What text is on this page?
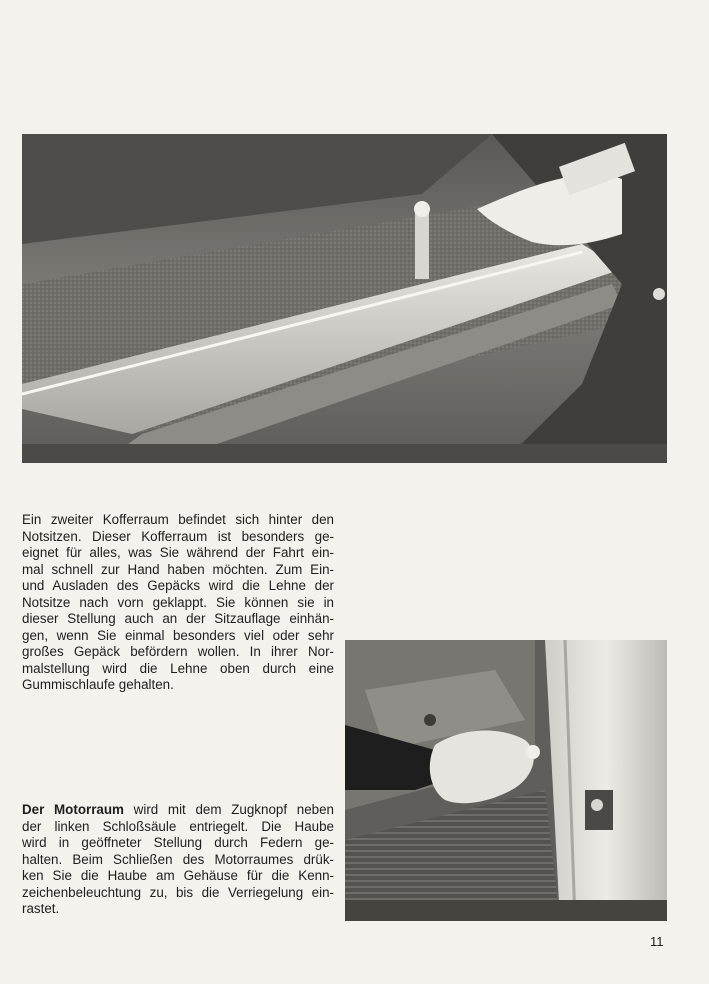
Ein zweiter Kofferraum befindet sich hinter den
Notsitzen. Dieser Kofferraum ist besonders ge-
eignet für alles, was Sie während der Fahrt ein-
mal schnell zur Hand haben möchten. Zum Ein-
und Ausladen des Gepäcks wird die Lehne der
Notsitze nach vorn geklappt. Sie können sie in
dieser Stellung auch an der Sitzauflage einhän-
gen, wenn Sie einmal besonders viel oder sehr
großes Gepäck befördern wollen. In ihrer Nor-
malstellung wird die Lehne oben durch eine
Gummischlaufe gehalten.

Der Motorraum wird mit dem Zugknopf neben
der linken Schloßsäule entriegelt. Die Haube
wird in geöffneter Stellung durch Federn ge-
halten. Beim Schließen des Motorraumes drük-
ken Sie die Haube am Gehäuse für die Kenn-
zeichenbeleuchtung zu, bis die Verriegelung ein-
rastet.

11
